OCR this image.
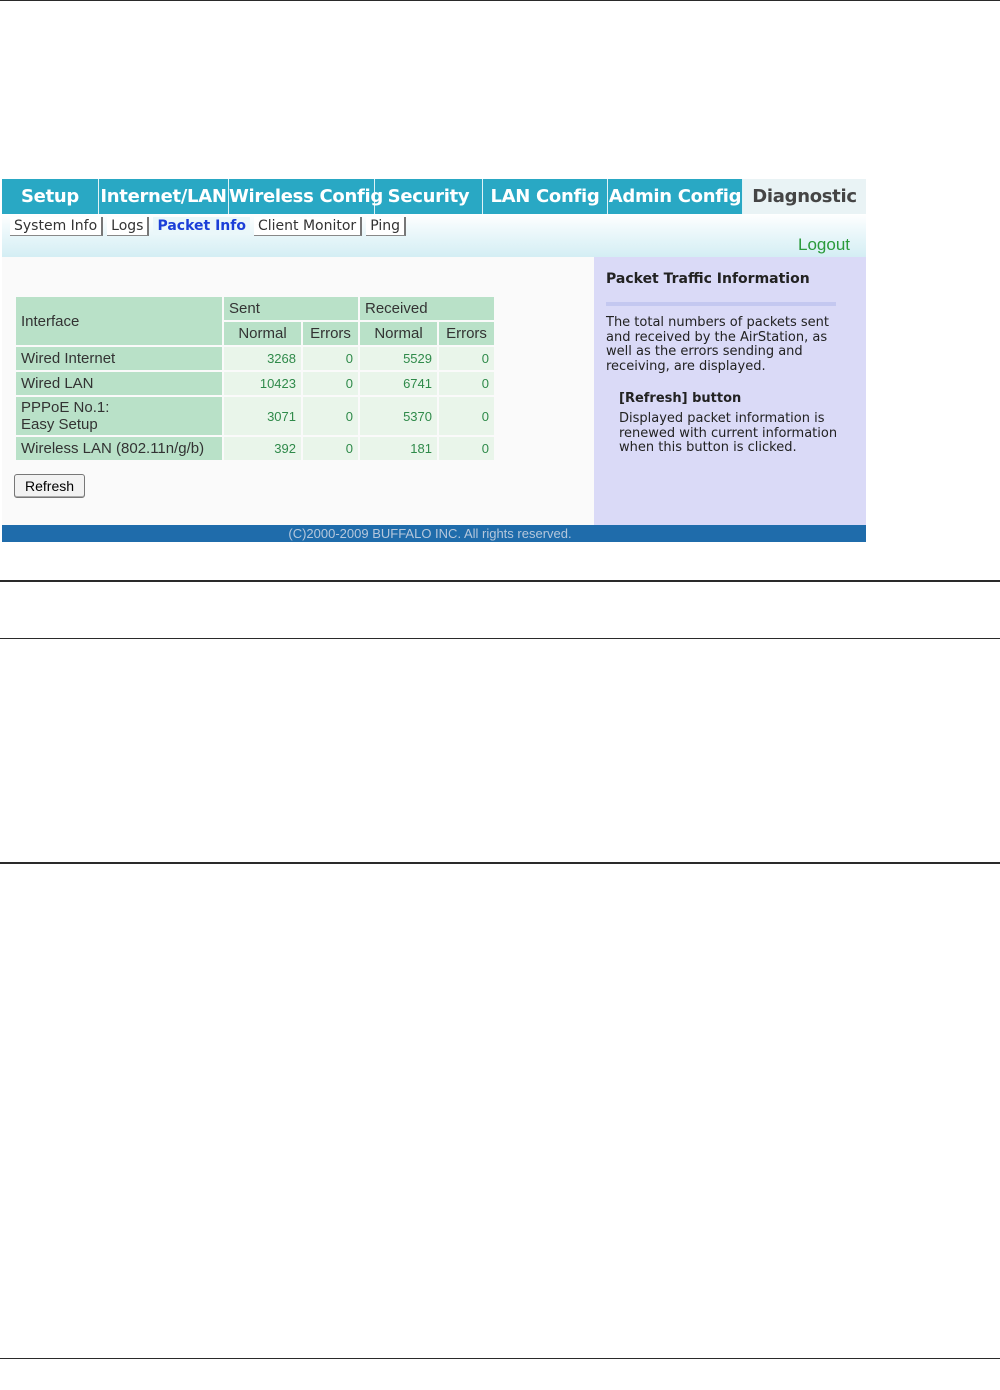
Setup	Internet/LAN Wireless Config Security	LAN Config Admin Config Diagnostic
System Info	Logs	Packet Info Client Monitor	Ping
Logout
Interface	Sent		Received	
	Normal	Errors	Normal	Errors
Wired Internet	3268	0	5529	0
Wired LAN	10423	0	6741	0

PPPoE No.1:
Easy Setup	3071	0	5370	0
Wireless LAN (802.11n/g/b)	392	0	181	0
Refresh
Packet Traffic Information
The total numbers of packets sent and received by the AirStation, as well as the errors sending and receiving, are displayed.
[Refresh] button
Displayed packet information is renewed with current information when this button is clicked.
(C)2000-2009 BUFFALO INC. All rights reserved.
